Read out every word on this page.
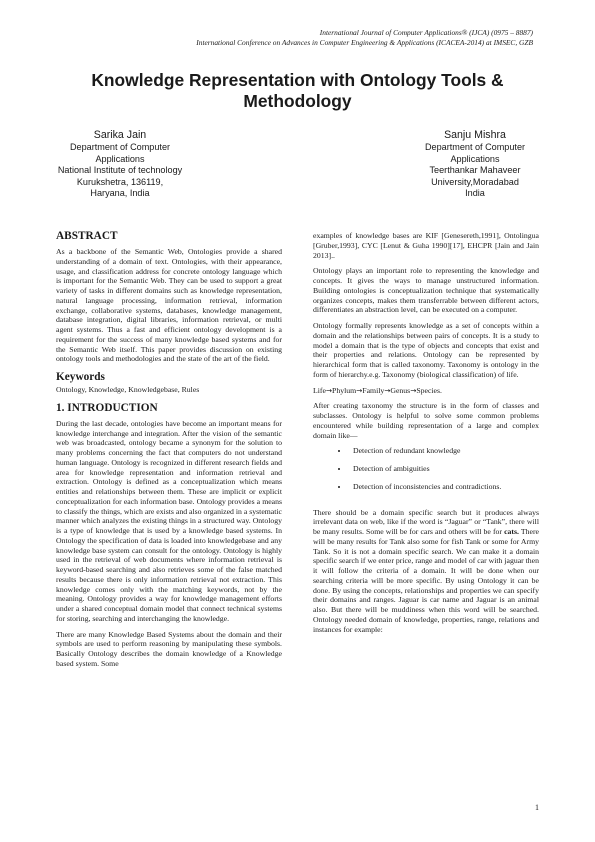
International Journal of Computer Applications® (IJCA) (0975 – 8887)
International Conference on Advances in Computer Engineering & Applications (ICACEA-2014) at IMSEC, GZB
Knowledge Representation with Ontology Tools & Methodology
Sarika Jain
Department of Computer
Applications
National Institute of technology
Kurukshetra, 136119,
Haryana, India
Sanju Mishra
Department of Computer
Applications
Teerthankar Mahaveer
University,Moradabad
India
ABSTRACT

As a backbone of the Semantic Web, Ontologies provide a shared understanding of a domain of text. Ontologies, with their appearance, usage, and classification address for concrete ontology language which is important for the Semantic Web. They can be used to support a great variety of tasks in different domains such as knowledge representation, natural language processing, information retrieval, information exchange, collaborative systems, databases, knowledge management, database integration, digital libraries, information retrieval, or multi agent systems. Thus a fast and efficient ontology development is a requirement for the success of many knowledge based systems and for the Semantic Web itself. This paper provides discussion on existing ontology tools and methodologies and the state of the art of the field.

Keywords

Ontology, Knowledge, Knowledgebase, Rules

1. INTRODUCTION

During the last decade, ontologies have become an important means for knowledge interchange and integration. After the vision of the semantic web was broadcasted, ontology became a synonym for the solution to many problems concerning the fact that computers do not understand human language. Ontology is recognized in different research fields and area for knowledge representation and information retrieval and extraction. Ontology is defined as a conceptualization which means entities and relationships between them. These are implicit or explicit conceptualization for each information base. Ontology provides a means to classify the things, which are exists and also organized in a systematic manner which analyzes the existing things in a structured way. Ontology is a type of knowledge that is used by a knowledge based systems. In Ontology the specification of data is loaded into knowledgebase and any knowledge base system can consult for the ontology. Ontology is highly used in the retrieval of web documents where information retrieval is keyword-based searching and also retrieves some of the false matched results because there is only information retrieval not extraction. This knowledge comes only with the matching keywords, not by the meaning. Ontology provides a way for knowledge management efforts under a shared conceptual domain model that connect technical systems for storing, searching and interchanging the knowledge.

There are many Knowledge Based Systems about the domain and their symbols are used to perform reasoning by manipulating these symbols. Basically Ontology describes the domain knowledge of a Knowledge based system. Some

examples of knowledge bases are KIF [Genesereth,1991], Ontolingua [Gruber,1993], CYC [Lenut & Guha 1990][17], EHCPR [Jain and Jain 2013]..

Ontology plays an important role to representing the knowledge and concepts. It gives the ways to manage unstructured information. Building ontologies is conceptualization technique that systematically organizes concepts, makes them transferrable between different actors, differentiates an abstraction level, can be executed on a computer.

Ontology formally represents knowledge as a set of concepts within a domain and the relationships between pairs of concepts. It is a study to model a domain that is the type of objects and concepts that exist and their properties and relations. Ontology can be represented by hierarchical form that is called taxonomy. Taxonomy is ontology in the form of hierarchy.e.g. Taxonomy (biological classification) of life.

Life→Phylum→Family→Genus→Species.

After creating taxonomy the structure is in the form of classes and subclasses. Ontology is helpful to solve some common problems encountered while building representation of a large and complex domain like—

• Detection of redundant knowledge
• Detection of ambiguities
• Detection of inconsistencies and contradictions.

There should be a domain specific search but it produces always irrelevant data on web, like if the word is “Jaguar” or “Tank”, there will be many results. Some will be for cars and others will be for cats. There will be many results for Tank also some for fish Tank or some for Army Tank. So it is not a domain specific search. We can make it a domain specific search if we enter price, range and model of car with jaguar then it will follow the criteria of a domain. It will be done when our searching criteria will be more specific. By using Ontology it can be done. By using the concepts, relationships and properties we can specify their domains and ranges. Jaguar is car name and Jaguar is an animal also. But there will be muddiness when this word will be searched. Ontology needed domain of knowledge, properties, range, relations and instances for example:

1
